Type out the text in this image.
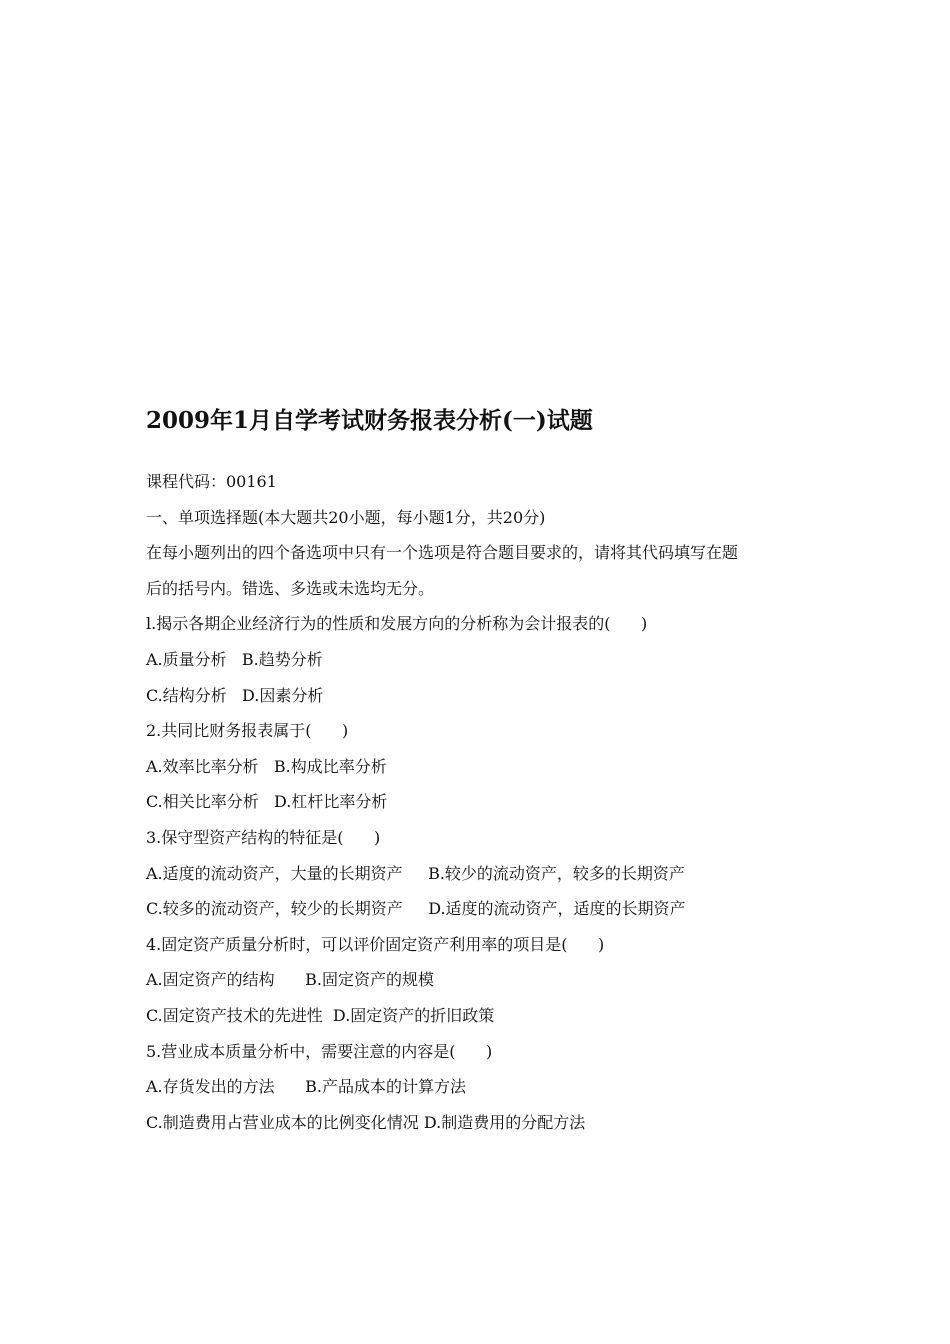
2009年1月自学考试财务报表分析(一)试题
课程代码：00161
一、单项选择题(本大题共20小题，每小题1分，共20分)
在每小题列出的四个备选项中只有一个选项是符合题目要求的，请将其代码填写在题
后的括号内。错选、多选或未选均无分。
l.揭示各期企业经济行为的性质和发展方向的分析称为会计报表的(      )
A.质量分析   B.趋势分析
C.结构分析   D.因素分析
2.共同比财务报表属于(      )
A.效率比率分析   B.构成比率分析
C.相关比率分析   D.杠杆比率分析
3.保守型资产结构的特征是(      )
A.适度的流动资产，大量的长期资产     B.较少的流动资产，较多的长期资产
C.较多的流动资产，较少的长期资产     D.适度的流动资产，适度的长期资产
4.固定资产质量分析时，可以评价固定资产利用率的项目是(      )
A.固定资产的结构      B.固定资产的规模
C.固定资产技术的先进性  D.固定资产的折旧政策
5.营业成本质量分析中，需要注意的内容是(      )
A.存货发出的方法      B.产品成本的计算方法
C.制造费用占营业成本的比例变化情况 D.制造费用的分配方法
